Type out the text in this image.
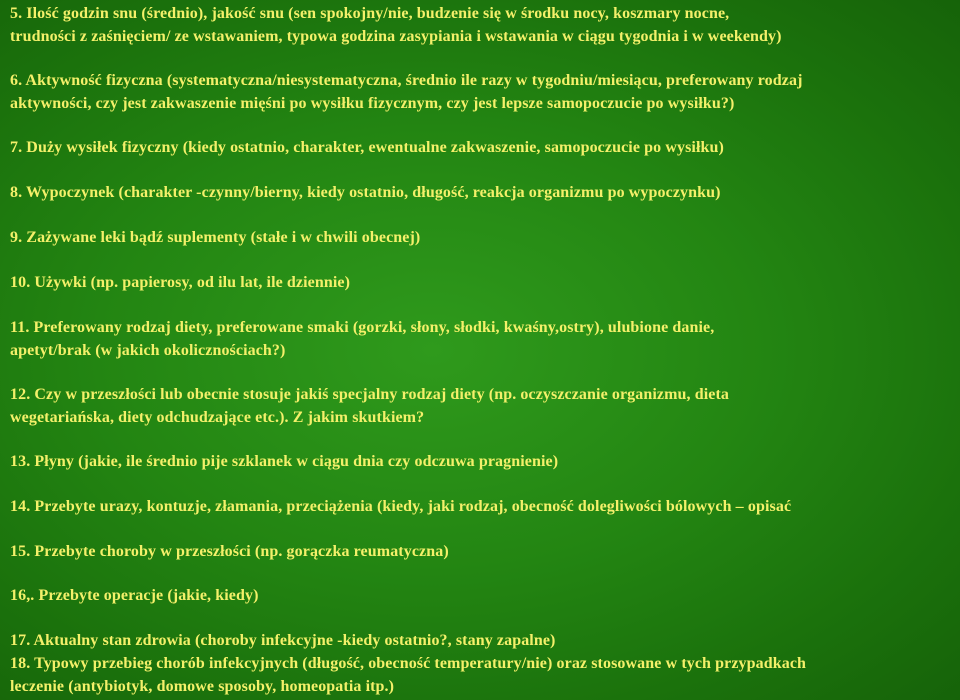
5. Ilość godzin snu (średnio), jakość snu (sen spokojny/nie, budzenie się w środku nocy, koszmary nocne,

trudności z zaśnięciem/ ze wstawaniem, typowa godzina zasypiania i wstawania w ciągu tygodnia i w weekendy)

6. Aktywność fizyczna (systematyczna/niesystematyczna, średnio ile razy w tygodniu/miesiącu, preferowany rodzaj

aktywności, czy jest zakwaszenie mięśni po wysiłku fizycznym, czy jest lepsze samopoczucie po wysiłku?)

7. Duży wysiłek fizyczny (kiedy ostatnio, charakter, ewentualne zakwaszenie, samopoczucie po wysiłku)

8. Wypoczynek (charakter -czynny/bierny, kiedy ostatnio, długość, reakcja organizmu po wypoczynku)

9. Zażywane leki bądź suplementy (stałe i w chwili obecnej)

10. Używki (np. papierosy, od ilu lat, ile dziennie)

11. Preferowany rodzaj diety, preferowane smaki (gorzki, słony, słodki, kwaśny,ostry), ulubione danie,

apetyt/brak (w jakich okolicznościach?)

12. Czy w przeszłości lub obecnie stosuje jakiś specjalny rodzaj diety (np. oczyszczanie organizmu, dieta

wegetariańska, diety odchudzające etc.). Z jakim skutkiem?

13. Płyny (jakie, ile średnio pije szklanek w ciągu dnia czy odczuwa pragnienie)

14. Przebyte urazy, kontuzje, złamania, przeciążenia (kiedy, jaki rodzaj, obecność dolegliwości bólowych – opisać

15. Przebyte choroby w przeszłości (np. gorączka reumatyczna)

16,. Przebyte operacje (jakie, kiedy)

17. Aktualny stan zdrowia (choroby infekcyjne -kiedy ostatnio?, stany zapalne)

18. Typowy przebieg chorób infekcyjnych (długość, obecność temperatury/nie) oraz stosowane w tych przypadkach

leczenie (antybiotyk, domowe sposoby, homeopatia itp.)
